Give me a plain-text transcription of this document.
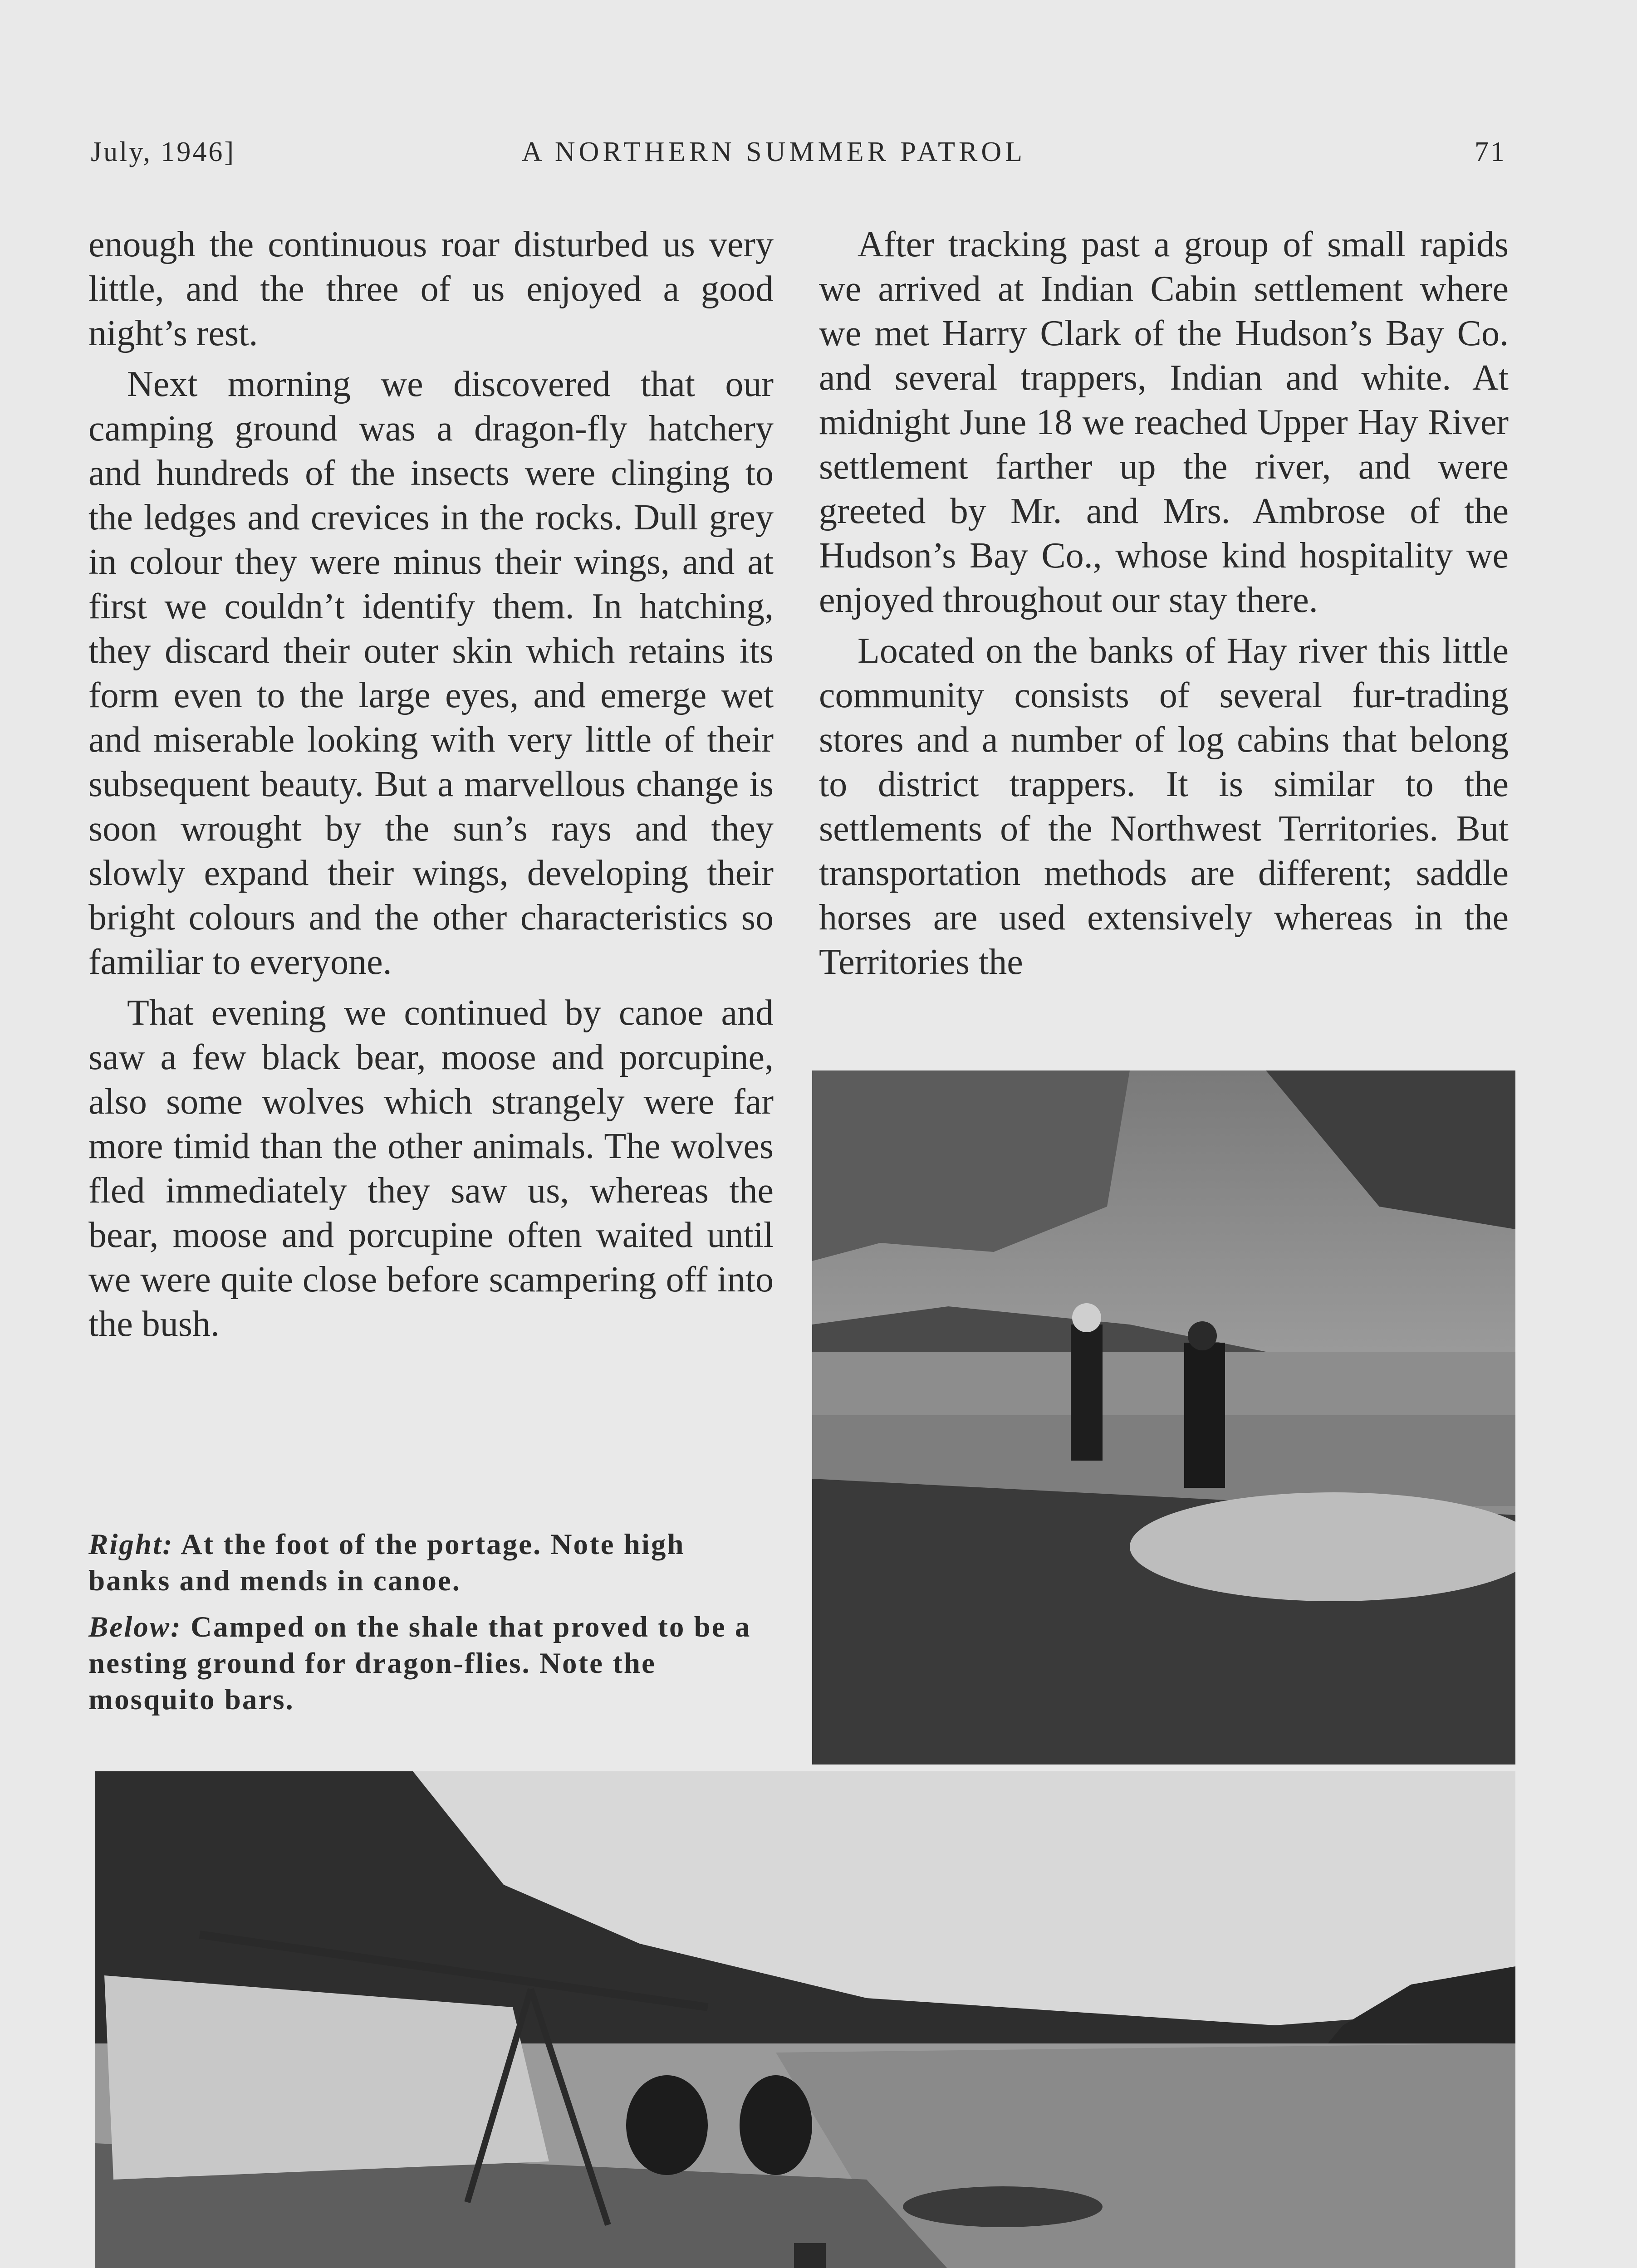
July, 1946]	A NORTHERN SUMMER PATROL	71

enough the continuous roar disturbed us very little, and the three of us enjoyed a good night’s rest.

Next morning we discovered that our camping ground was a dragon-fly hatchery and hundreds of the insects were clinging to the ledges and crevices in the rocks. Dull grey in colour they were minus their wings, and at first we couldn’t identify them. In hatching, they discard their outer skin which retains its form even to the large eyes, and emerge wet and miserable looking with very little of their subsequent beauty. But a marvellous change is soon wrought by the sun’s rays and they slowly expand their wings, developing their bright colours and the other characteristics so familiar to everyone.

That evening we continued by canoe and saw a few black bear, moose and porcupine, also some wolves which strangely were far more timid than the other animals. The wolves fled immediately they saw us, whereas the bear, moose and porcupine often waited until we were quite close before scampering off into the bush.

After tracking past a group of small rapids we arrived at Indian Cabin settlement where we met Harry Clark of the Hudson’s Bay Co. and several trappers, Indian and white. At midnight June 18 we reached Upper Hay River settlement farther up the river, and were greeted by Mr. and Mrs. Ambrose of the Hudson’s Bay Co., whose kind hospitality we enjoyed throughout our stay there.

Located on the banks of Hay river this little community consists of several fur-trading stores and a number of log cabins that belong to district trappers. It is similar to the settlements of the Northwest Territories. But transportation methods are different; saddle horses are used extensively whereas in the Territories the

Right: At the foot of the portage. Note high banks and mends in canoe.

Below: Camped on the shale that proved to be a nesting ground for dragon-flies. Note the mosquito bars.
